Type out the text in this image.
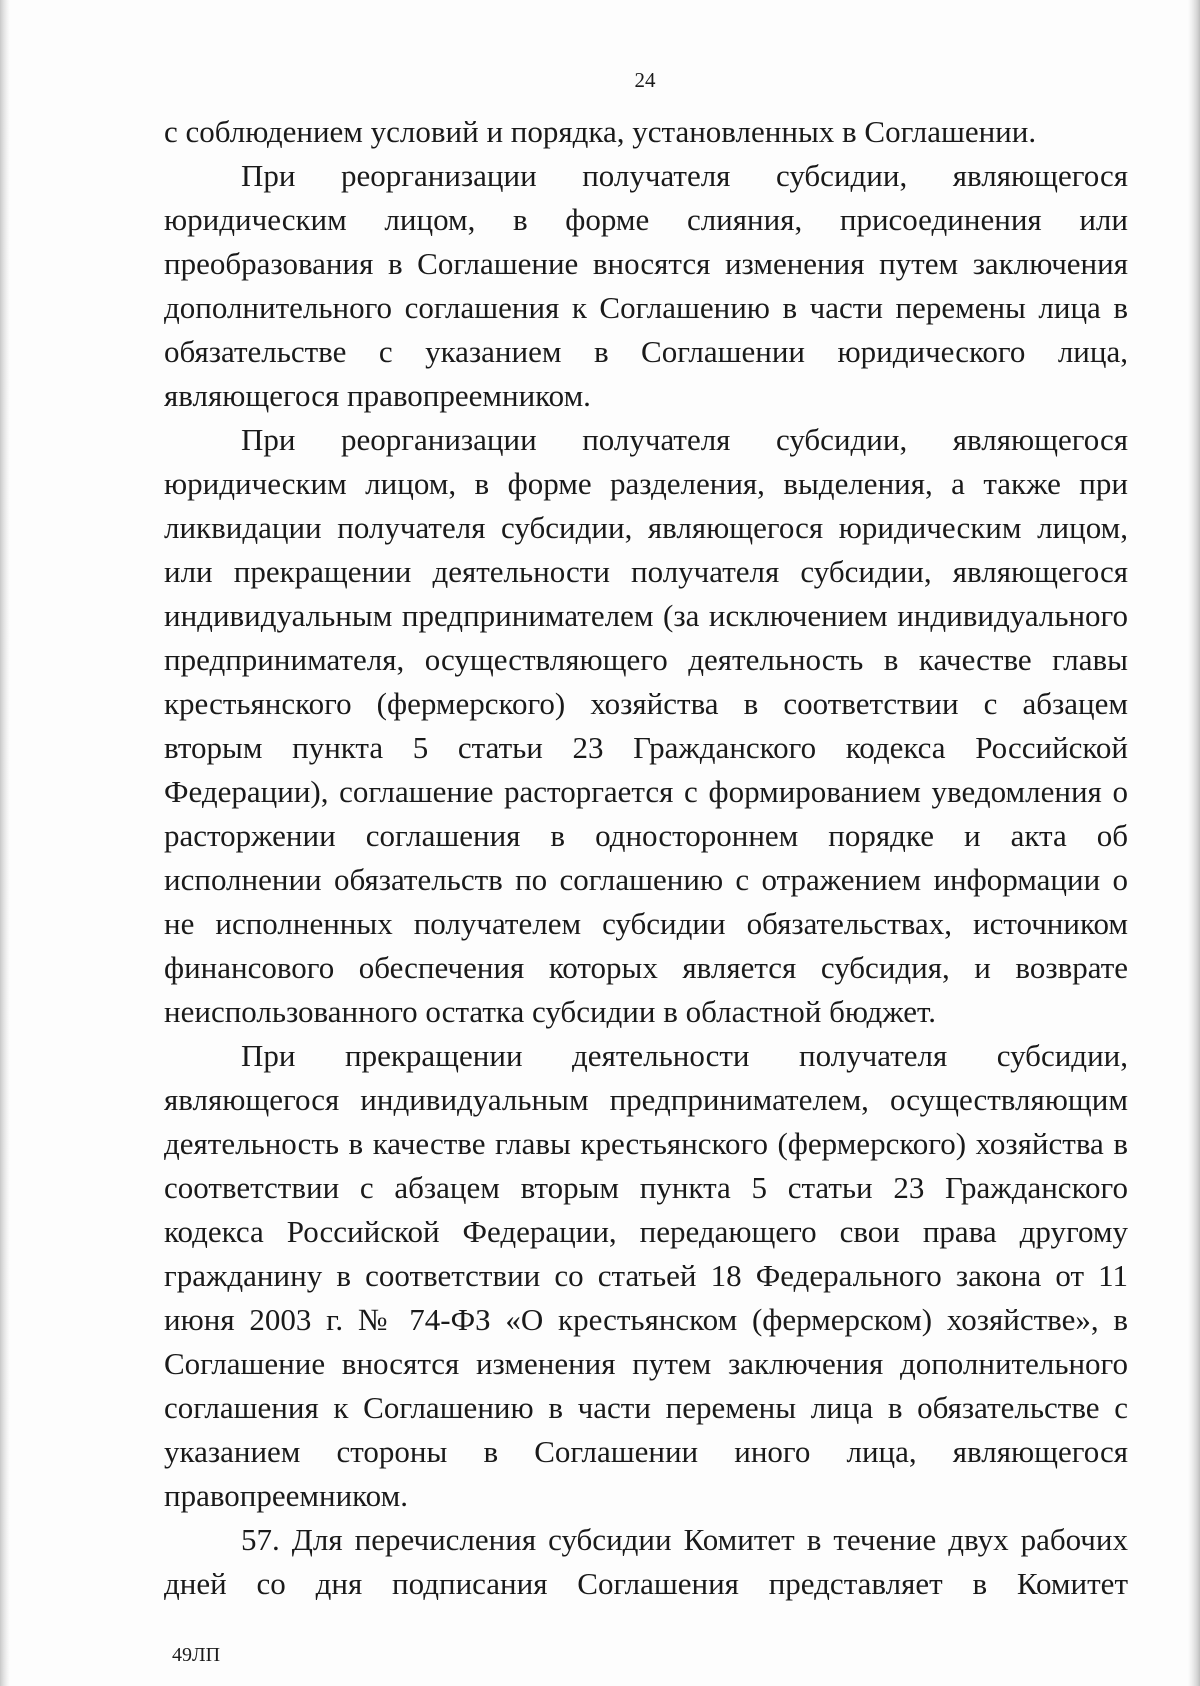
24

с соблюдением условий и порядка, установленных в Соглашении.

При реорганизации получателя субсидии, являющегося юридическим лицом, в форме слияния, присоединения или преобразования в Соглашение вносятся изменения путем заключения дополнительного соглашения к Соглашению в части перемены лица в обязательстве с указанием в Соглашении юридического лица, являющегося правопреемником.

При реорганизации получателя субсидии, являющегося юридическим лицом, в форме разделения, выделения, а также при ликвидации получателя субсидии, являющегося юридическим лицом, или прекращении деятельности получателя субсидии, являющегося индивидуальным предпринимателем (за исключением индивидуального предпринимателя, осуществляющего деятельность в качестве главы крестьянского (фермерского) хозяйства в соответствии с абзацем вторым пункта 5 статьи 23 Гражданского кодекса Российской Федерации), соглашение расторгается с формированием уведомления о расторжении соглашения в одностороннем порядке и акта об исполнении обязательств по соглашению с отражением информации о не исполненных получателем субсидии обязательствах, источником финансового обеспечения которых является субсидия, и возврате неиспользованного остатка субсидии в областной бюджет.

При прекращении деятельности получателя субсидии, являющегося индивидуальным предпринимателем, осуществляющим деятельность в качестве главы крестьянского (фермерского) хозяйства в соответствии с абзацем вторым пункта 5 статьи 23 Гражданского кодекса Российской Федерации, передающего свои права другому гражданину в соответствии со статьей 18 Федерального закона от 11 июня 2003 г. № 74-ФЗ «О крестьянском (фермерском) хозяйстве», в Соглашение вносятся изменения путем заключения дополнительного соглашения к Соглашению в части перемены лица в обязательстве с указанием стороны в Соглашении иного лица, являющегося правопреемником.

57. Для перечисления субсидии Комитет в течение двух рабочих дней со дня подписания Соглашения представляет в Комитет

49ЛП
